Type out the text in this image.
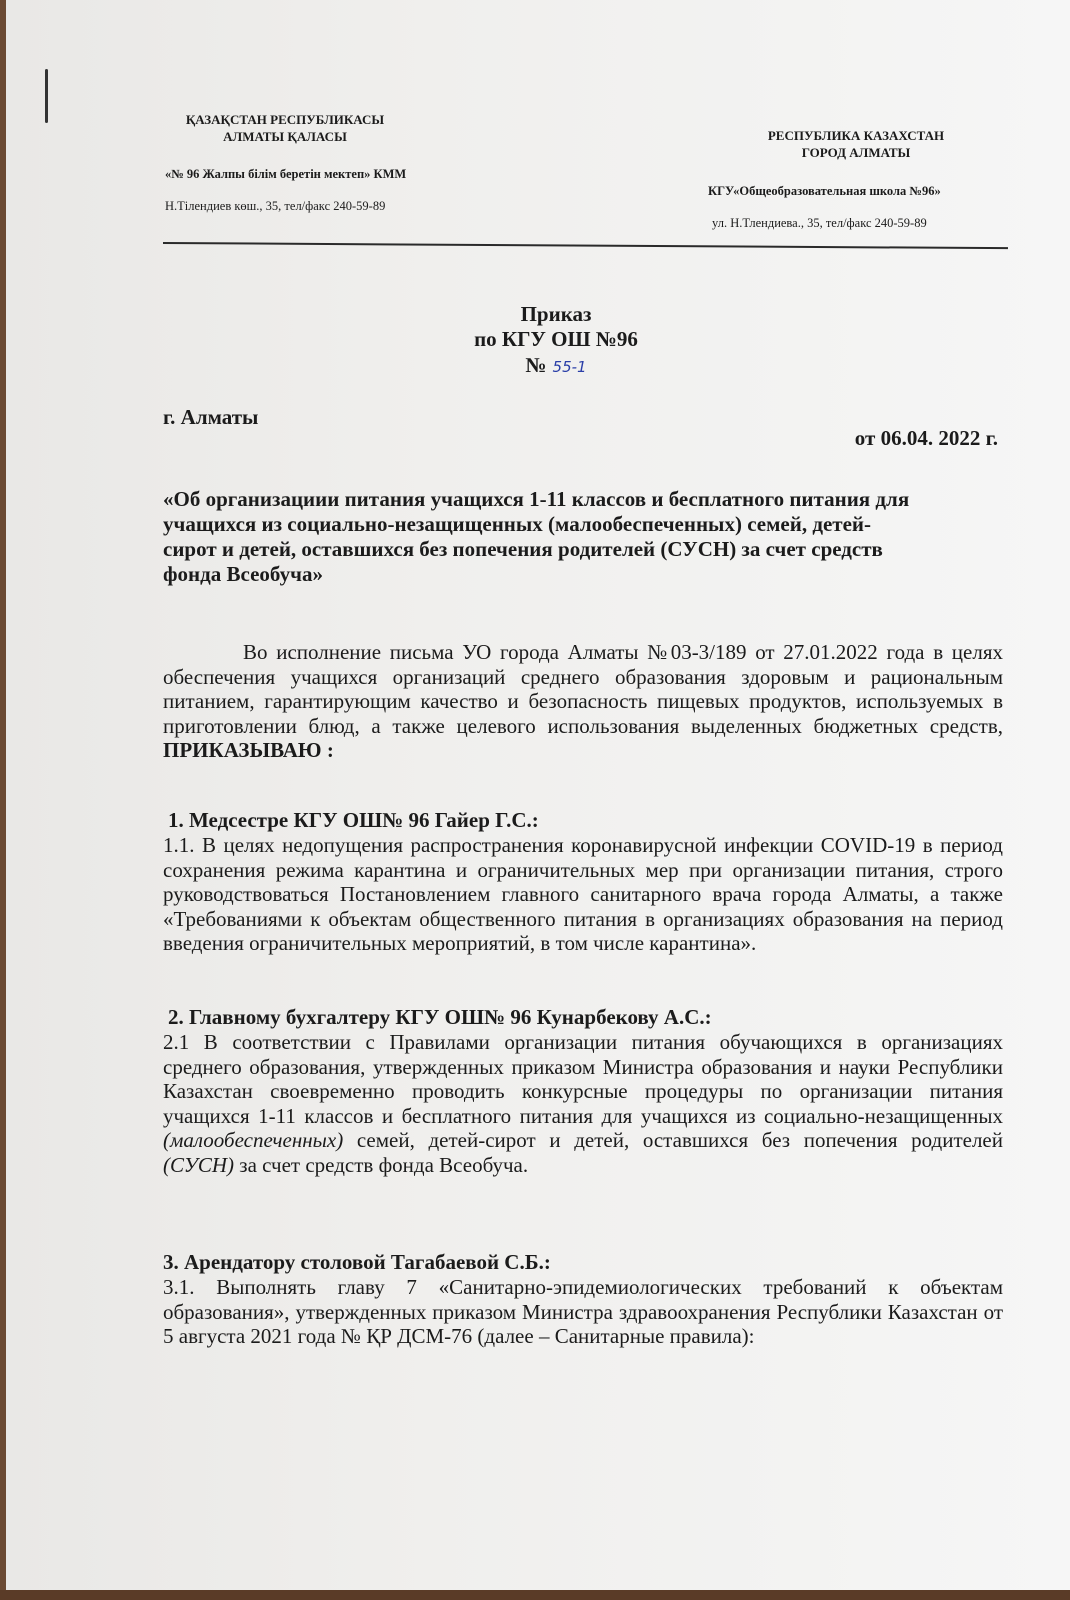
ҚАЗАҚСТАН РЕСПУБЛИКАСЫ
АЛМАТЫ ҚАЛАСЫ
«№ 96 Жалпы білім беретін мектеп» КММ
Н.Тілендиев көш., 35, тел/факс 240-59-89
РЕСПУБЛИКА КАЗАХСТАН
ГОРОД АЛМАТЫ
КГУ«Общеобразовательная школа №96»
ул. Н.Тлендиева., 35, тел/факс 240-59-89
Приказ
по КГУ ОШ №96
№ 55-1
г. Алматы
от 06.04. 2022 г.
«Об организациии питания учащихся 1-11 классов и бесплатного питания для учащихся из социально-незащищенных (малообеспеченных) семей, детей-сирот и детей, оставшихся без попечения родителей (СУСН) за счет средств фонда Всеобуча»
Во исполнение письма УО города Алматы №03-3/189 от 27.01.2022 года в целях обеспечения учащихся организаций среднего образования здоровым и рациональным питанием, гарантирующим качество и безопасность пищевых продуктов, используемых в приготовлении блюд, а также целевого использования выделенных бюджетных средств, ПРИКАЗЫВАЮ :
1. Медсестре КГУ ОШ№ 96 Гайер Г.С.:
1.1. В целях недопущения распространения коронавирусной инфекции COVID-19 в период сохранения режима карантина и ограничительных мер при организации питания, строго руководствоваться Постановлением главного санитарного врача города Алматы, а также «Требованиями к объектам общественного питания в организациях образования на период введения ограничительных мероприятий, в том числе карантина».
2. Главному бухгалтеру КГУ ОШ№ 96 Кунарбекову А.С.:
2.1 В соответствии с Правилами организации питания обучающихся в организациях среднего образования, утвержденных приказом Министра образования и науки Республики Казахстан своевременно проводить конкурсные процедуры по организации питания учащихся 1-11 классов и бесплатного питания для учащихся из социально-незащищенных (малообеспеченных) семей, детей-сирот и детей, оставшихся без попечения родителей (СУСН) за счет средств фонда Всеобуча.
3. Арендатору столовой Тагабаевой С.Б.:
3.1. Выполнять главу 7 «Санитарно-эпидемиологических требований к объектам образования», утвержденных приказом Министра здравоохранения Республики Казахстан от 5 августа 2021 года № ҚР ДСМ-76 (далее – Санитарные правила):
